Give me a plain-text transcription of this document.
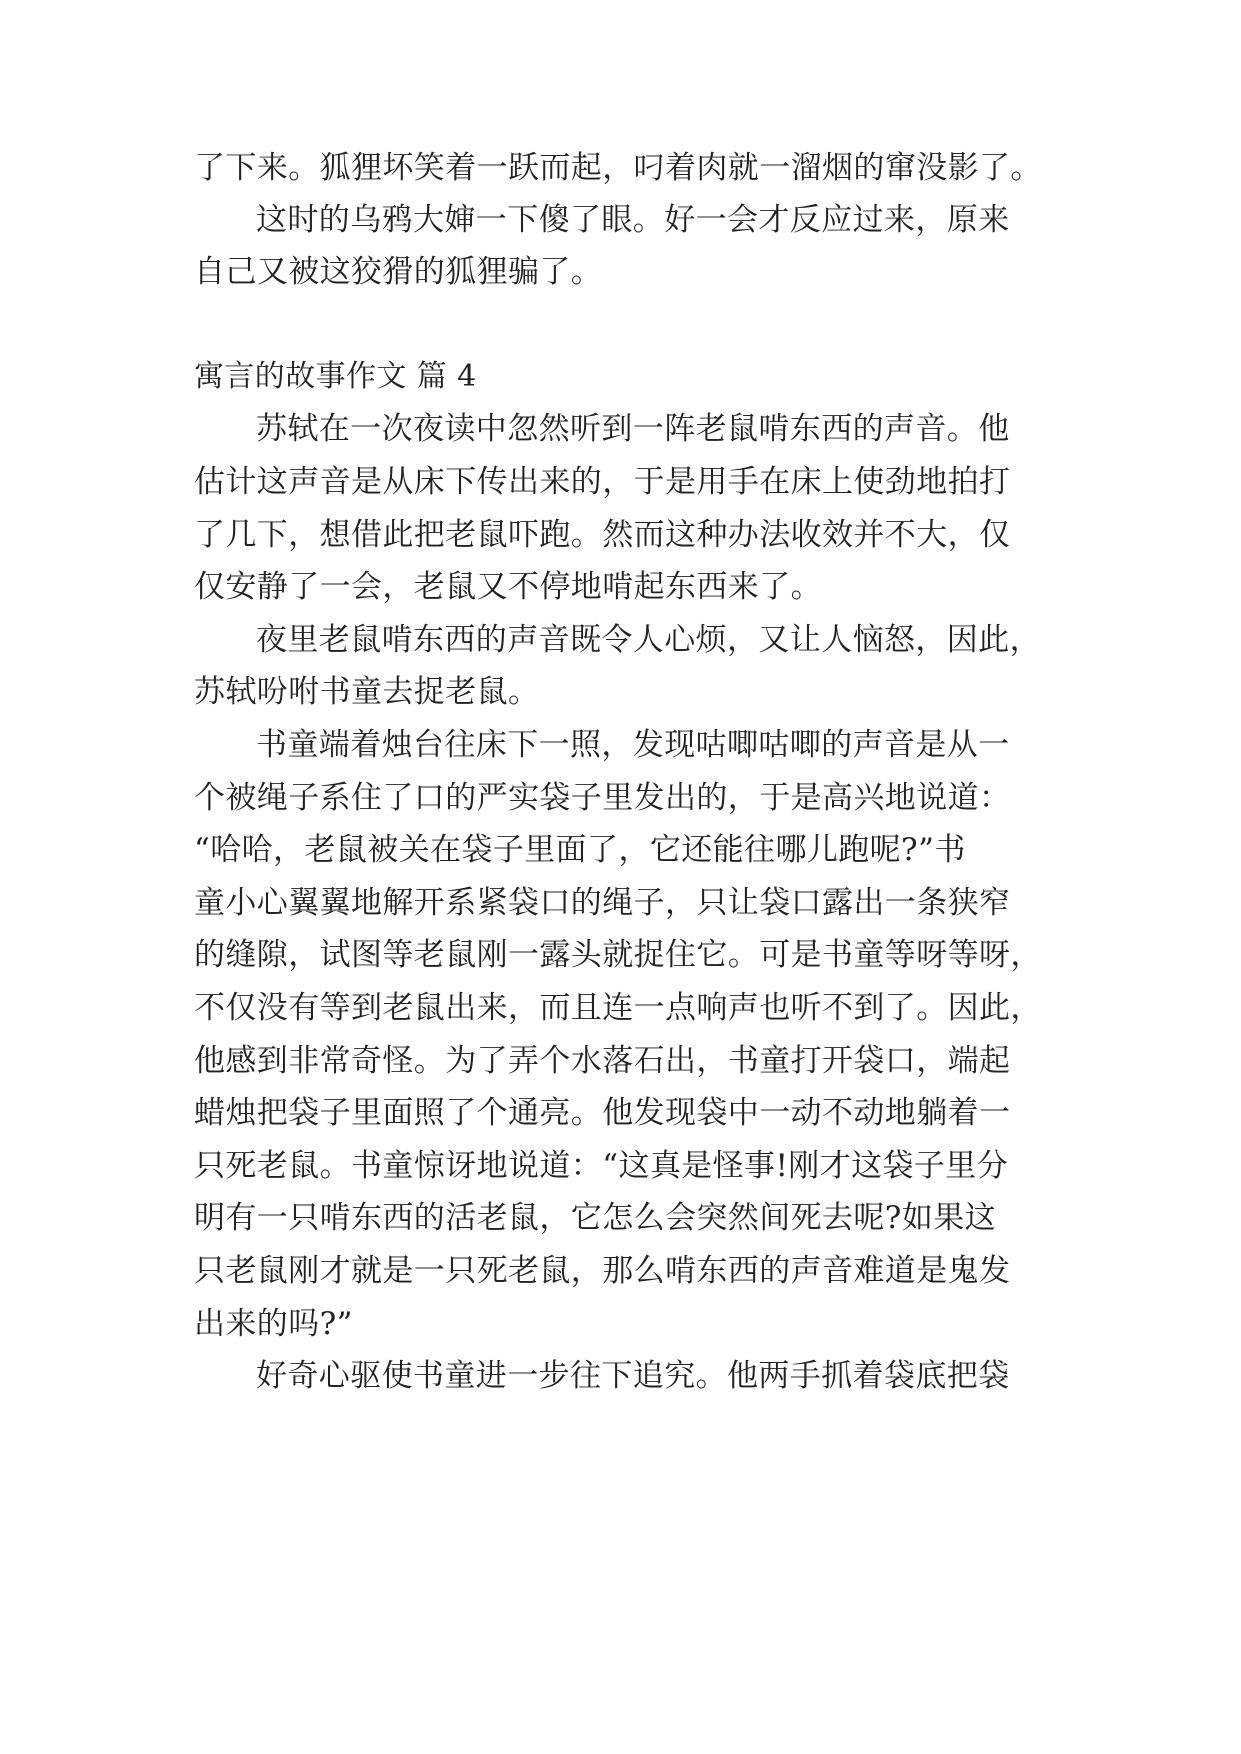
了下来。狐狸坏笑着一跃而起，叼着肉就一溜烟的窜没影了。
这时的乌鸦大婶一下傻了眼。好一会才反应过来，原来
自己又被这狡猾的狐狸骗了。
寓言的故事作文 篇 4
苏轼在一次夜读中忽然听到一阵老鼠啃东西的声音。他
估计这声音是从床下传出来的，于是用手在床上使劲地拍打
了几下，想借此把老鼠吓跑。然而这种办法收效并不大，仅
仅安静了一会，老鼠又不停地啃起东西来了。
夜里老鼠啃东西的声音既令人心烦，又让人恼怒，因此，
苏轼吩咐书童去捉老鼠。
书童端着烛台往床下一照，发现咕唧咕唧的声音是从一
个被绳子系住了口的严实袋子里发出的，于是高兴地说道：
“哈哈，老鼠被关在袋子里面了，它还能往哪儿跑呢?”书
童小心翼翼地解开系紧袋口的绳子，只让袋口露出一条狭窄
的缝隙，试图等老鼠刚一露头就捉住它。可是书童等呀等呀，
不仅没有等到老鼠出来，而且连一点响声也听不到了。因此，
他感到非常奇怪。为了弄个水落石出，书童打开袋口，端起
蜡烛把袋子里面照了个通亮。他发现袋中一动不动地躺着一
只死老鼠。书童惊讶地说道：“这真是怪事!刚才这袋子里分
明有一只啃东西的活老鼠，它怎么会突然间死去呢?如果这
只老鼠刚才就是一只死老鼠，那么啃东西的声音难道是鬼发
出来的吗?”
好奇心驱使书童进一步往下追究。他两手抓着袋底把袋
